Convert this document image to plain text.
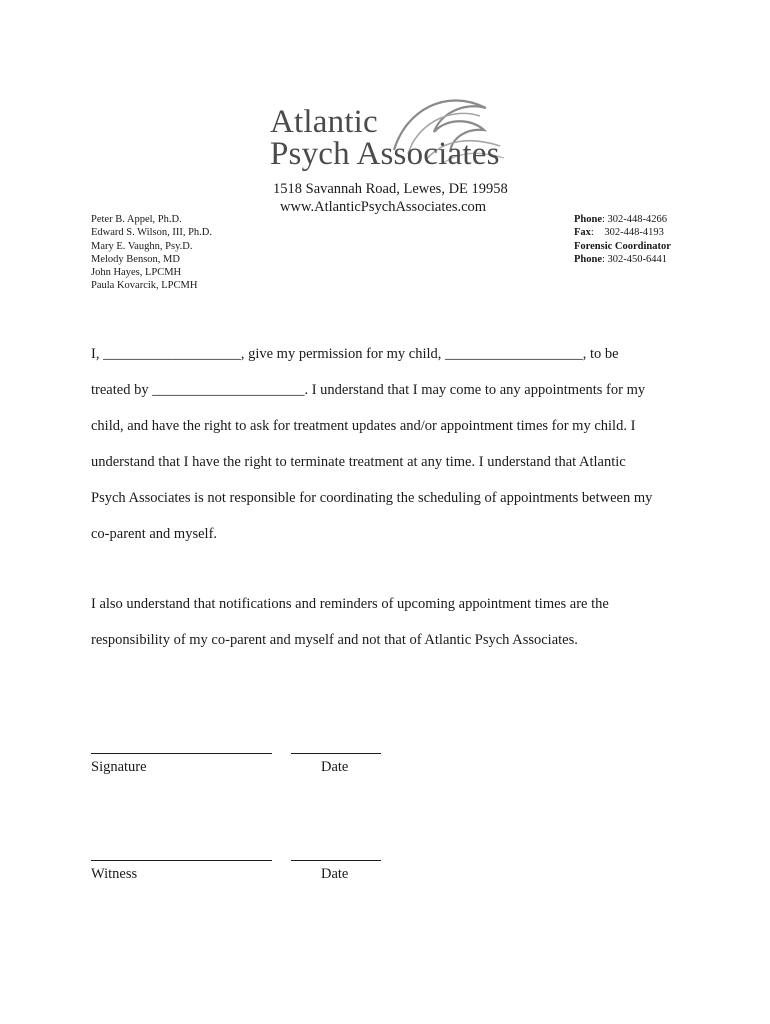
Atlantic
Psych Associates
1518 Savannah Road, Lewes, DE 19958
www.AtlanticPsychAssociates.com
Peter B. Appel, Ph.D.
Edward S. Wilson, III, Ph.D.
Mary E. Vaughn, Psy.D.
Melody Benson, MD
John Hayes, LPCMH
Paula Kovarcik, LPCMH
Phone: 302-448-4266
Fax:    302-448-4193
Forensic Coordinator
Phone: 302-450-6441
I, ___________________, give my permission for my child, ___________________, to be
treated by _____________________. I understand that I may come to any appointments for my
child, and have the right to ask for treatment updates and/or appointment times for my child. I
understand that I have the right to terminate treatment at any time. I understand that Atlantic
Psych Associates is not responsible for coordinating the scheduling of appointments between my
co-parent and myself.
I also understand that notifications and reminders of upcoming appointment times are the
responsibility of my co-parent and myself and not that of Atlantic Psych Associates.
Signature	Date
Witness	Date
